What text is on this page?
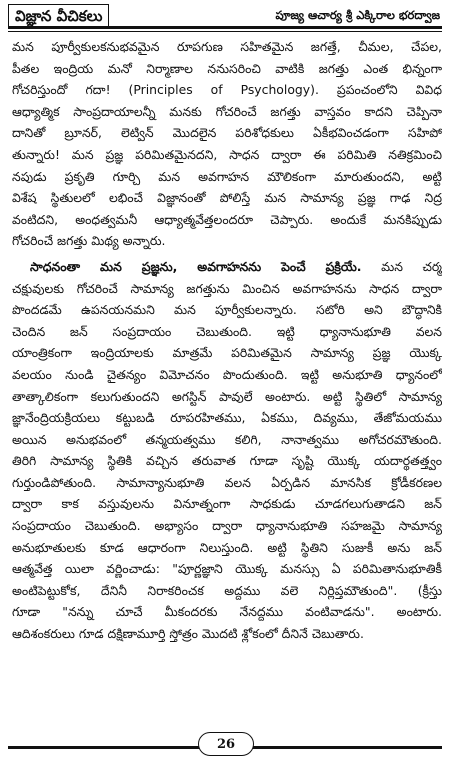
విజ్ఞాన వీచికలు	పూజ్య ఆచార్య శ్రీ ఎక్కిరాల భరద్వాజ
మన పూర్వీకులకనుభవమైన రూపగుణ సహితమైన జగత్తే, చీమల, చేపల,
పీతల ఇంద్రియ మనో నిర్మాణాల ననుసరించి వాటికి జగత్తు ఎంత భిన్నంగా
గోచరిస్తుందో గదా! (Principles of Psychology). ప్రపంచంలోని వివిధ
ఆధ్యాత్మిక సాంప్రదాయాలన్నీ మనకు గోచరించే జగత్తు వాస్తవం కాదని చెప్పినా
దానితో బ్రూనర్, లెట్విన్ మొదలైన పరిశోధకులు ఏకీభవించడంగా సహిపో
తున్నారు! మన ప్రజ్ఞ పరిమితమైనదని, సాధన ద్వారా ఈ పరిమితి నతిక్రమించి
నపుడు ప్రకృతి గూర్చి మన అవగాహన మౌలికంగా మారుతుందని, అట్టి
విశేష స్థితులలో లభించే విజ్ఞానంతో పోలిస్తే మన సామాన్య ప్రజ్ఞ గాఢ నిద్ర
వంటిదని, అంధత్వమనీ ఆధ్యాత్మవేత్తలందరూ చెప్పారు. అందుకే మనకిప్పుడు
గోచరించే జగత్తు మిథ్య అన్నారు.
సాధనంతా మన ప్రజ్ఞను, అవగాహనను పెంచే ప్రక్రియే. మన చర్మ
చక్షువులకు గోచరించే సామాన్య జగత్తును మించిన అవగాహనను సాధన ద్వారా
పొందడమే ఉపనయనమని మన పూర్వీకులన్నారు. సటోరి అని బౌద్ధానికి
చెందిన జన్ సంప్రదాయం చెబుతుంది. ఇట్టి ధ్యానానుభూతి వలన
యాంత్రికంగా ఇంద్రియాలకు మాత్రమే పరిమితమైన సామాన్య ప్రజ్ఞ యొక్క
వలయం నుండి చైతన్యం విమోచనం పొందుతుంది. ఇట్టి అనుభూతి ధ్యానంలో
తాత్కాలికంగా కలుగుతుందని అగస్టిన్ పావులే అంటారు. అట్టి స్థితిలో సామాన్య
జ్ఞానేంద్రియక్రియలు కట్టుబడి రూపరహితము, ఏకము, దివ్యము, తేజోమయము
అయిన అనుభవంలో తన్మయత్వము కలిగి, నానాత్వము అగోచరమౌతుంది.
తిరిగి సామాన్య స్థితికి వచ్చిన తరువాత గూడా సృష్టి యొక్క యదార్థతత్త్వం
గుర్తుండిపోతుంది. సామాన్యానుభూతి వలన ఏర్పడిన మానసిక క్రోడీకరణల
ద్వారా కాక వస్తువులను వినూత్నంగా సాధకుడు చూడగలుగుతాడని జన్
సంప్రదాయం చెబుతుంది. అభ్యాసం ద్వారా ధ్యానానుభూతి సహజమై సామాన్య
అనుభూతులకు కూడ ఆధారంగా నిలుస్తుంది. అట్టి స్థితిని సుజుకీ అను జన్
ఆత్మవేత్త యిలా వర్ణించాడు: "పూర్ణజ్ఞాని యొక్క మనస్సు ఏ పరిమితానుభూతికీ
అంటిపెట్టుకోక, దేనినీ నిరాకరించక అద్దము వలె నిర్లిప్తమౌతుంది". (క్రీస్తు
గూడా "నన్ను చూచే మీకందరకు నేనద్దము వంటివాడను". అంటారు.
ఆదిశంకరులు గూడ దక్షిణామూర్తి స్తోత్రం మొదటి శ్లోకంలో దీనినే చెబుతారు.
26
